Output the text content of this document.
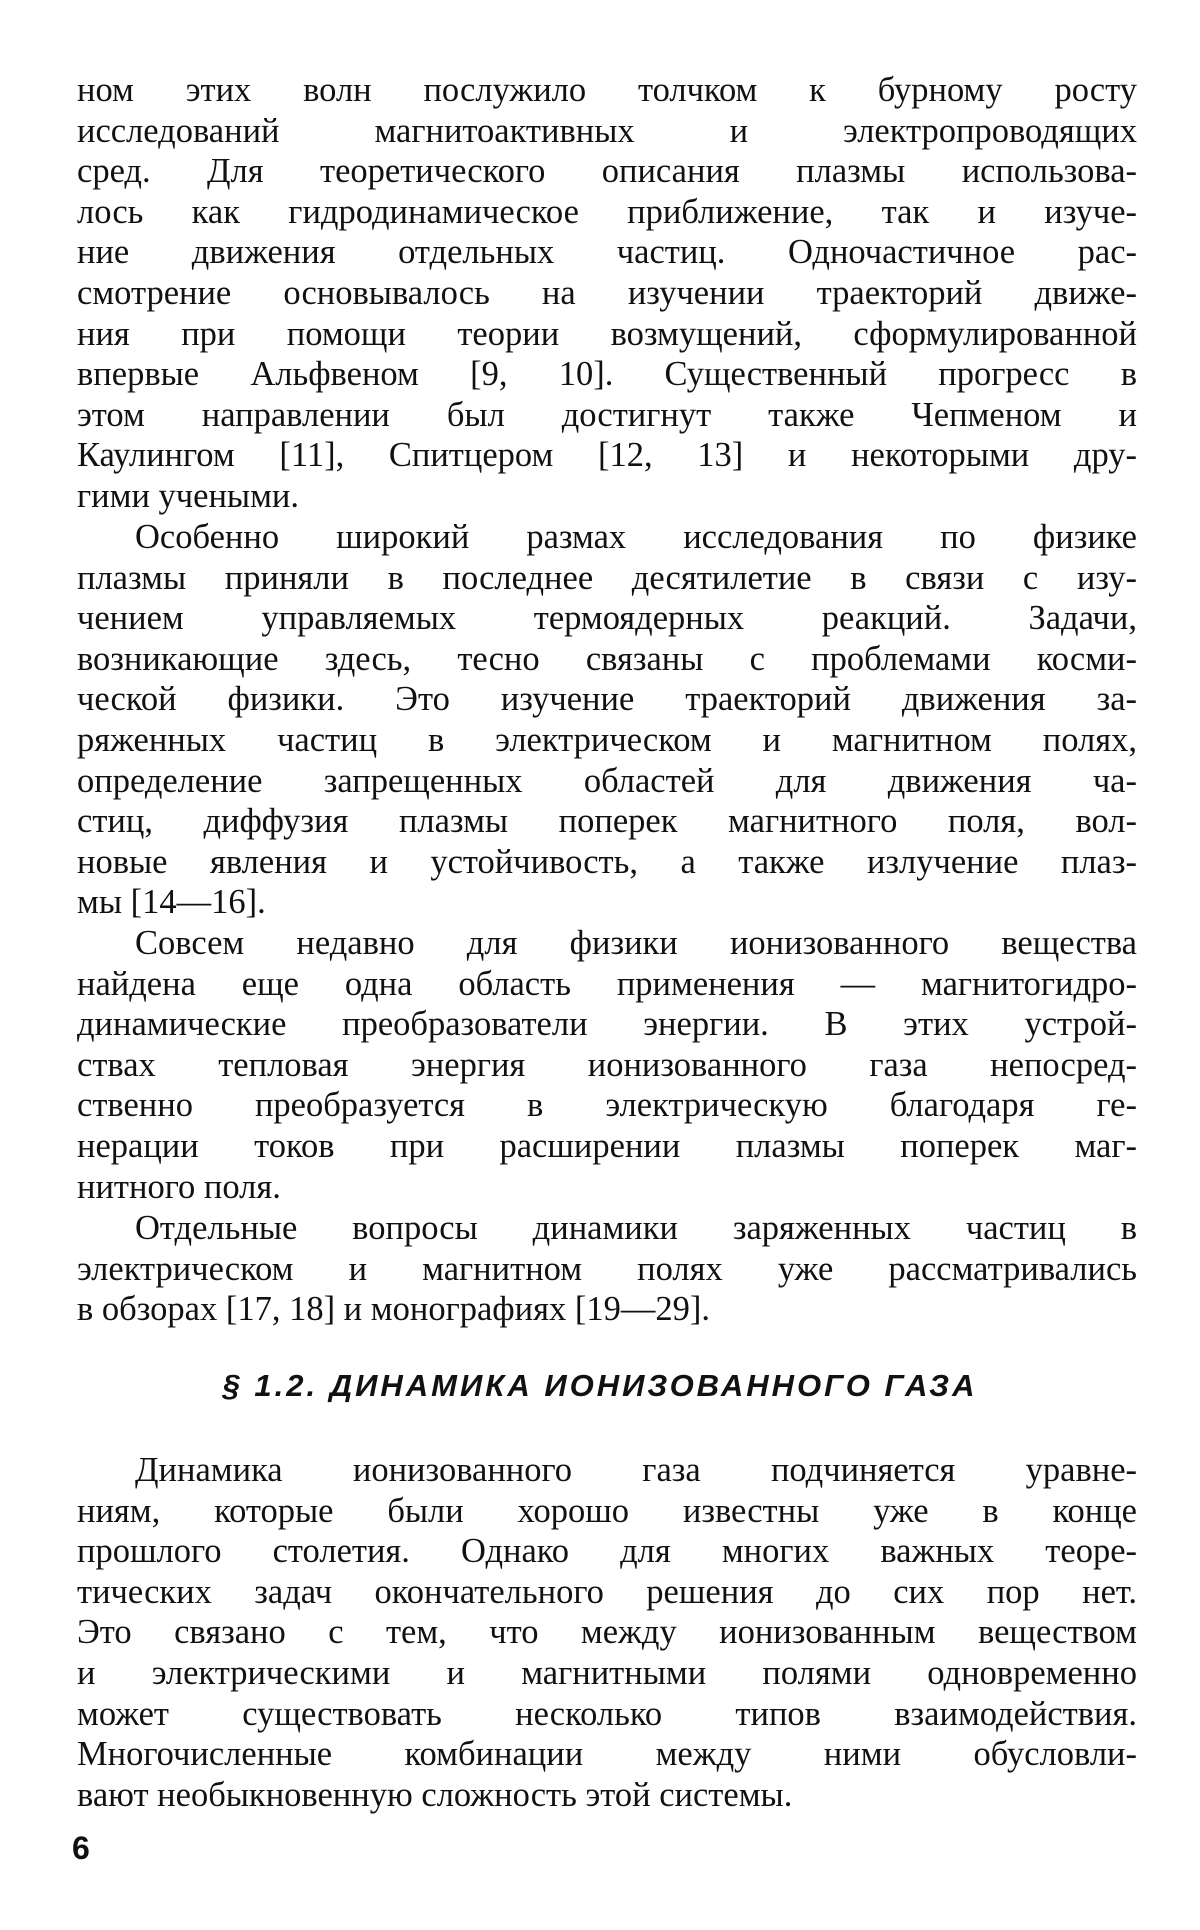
ном этих волн послужило толчком к бурному росту
исследований магнитоактивных и электропроводящих
сред. Для теоретического описания плазмы использова-
лось как гидродинамическое приближение, так и изуче-
ние движения отдельных частиц. Одночастичное рас-
смотрение основывалось на изучении траекторий движе-
ния при помощи теории возмущений, сформулированной
впервые Альфвеном [9, 10]. Существенный прогресс в
этом направлении был достигнут также Чепменом и
Каулингом [11], Спитцером [12, 13] и некоторыми дру-
гими учеными.
Особенно широкий размах исследования по физике
плазмы приняли в последнее десятилетие в связи с изу-
чением управляемых термоядерных реакций. Задачи,
возникающие здесь, тесно связаны с проблемами косми-
ческой физики. Это изучение траекторий движения за-
ряженных частиц в электрическом и магнитном полях,
определение запрещенных областей для движения ча-
стиц, диффузия плазмы поперек магнитного поля, вол-
новые явления и устойчивость, а также излучение плаз-
мы [14—16].
Совсем недавно для физики ионизованного вещества
найдена еще одна область применения — магнитогидро-
динамические преобразователи энергии. В этих устрой-
ствах тепловая энергия ионизованного газа непосред-
ственно преобразуется в электрическую благодаря ге-
нерации токов при расширении плазмы поперек маг-
нитного поля.
Отдельные вопросы динамики заряженных частиц в
электрическом и магнитном полях уже рассматривались
в обзорах [17, 18] и монографиях [19—29].
§ 1.2. ДИНАМИКА ИОНИЗОВАННОГО ГАЗА
Динамика ионизованного газа подчиняется уравне-
ниям, которые были хорошо известны уже в конце
прошлого столетия. Однако для многих важных теоре-
тических задач окончательного решения до сих пор нет.
Это связано с тем, что между ионизованным веществом
и электрическими и магнитными полями одновременно
может существовать несколько типов взаимодействия.
Многочисленные комбинации между ними обусловли-
вают необыкновенную сложность этой системы.
6
